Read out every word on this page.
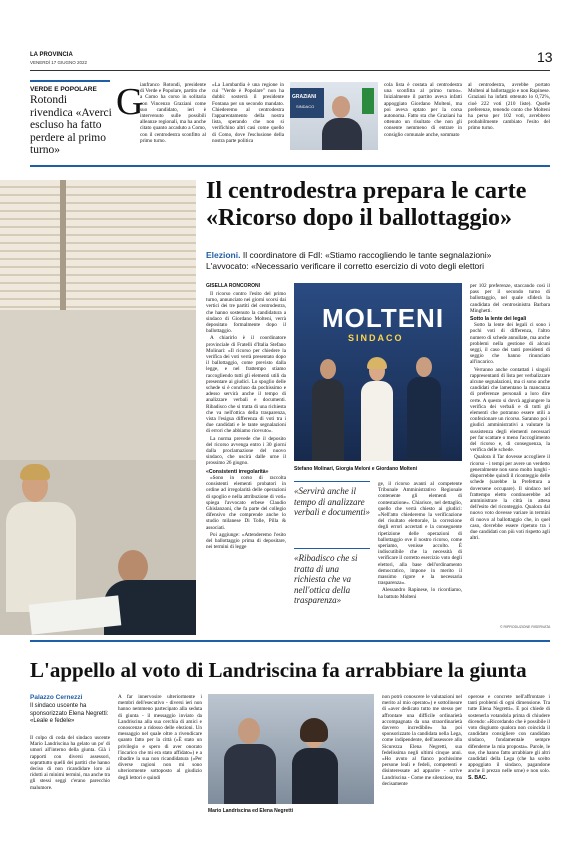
LA PROVINCIA
VENERDÌ 17 GIUGNO 2022	13
VERDE E POPOLARE
Rotondi rivendica «Averci escluso ha fatto perdere al primo turno»
G
ianfranco Rotondi, presidente di Verde e Popolare, partito che a Como ha corso in solitaria con Vincenzo Graziani come suo candidato, ieri è intervenuto sulle possibili alleanze regionali, ma ha anche citato quanto accaduto a Como, con il centrodestra sconfitto al primo turno.
«La Lombardia è una regione in cui "Verde è Popolare" non ha dubbi: sosterrà il presidente Fontana per un secondo mandato. Chiederemo al centrodestra l'apparentamento della nostra lista, sperando che non si verifichino altri casi come quello di Como, dove l'esclusione della nostra parte politica
GRAZIANI
SINDACO
cola lista è costata al centrodestra una sconfitta al primo turno». Inizialmente il partito aveva infatti appoggiato Giordano Molteni, ma poi aveva optato per la corsa autonoma. Fatto sta che Graziani ha ottenuto un risultato che non gli consente nemmeno di entrare in consiglio comunale anche, sommato
al centrodestra, avrebbe portato Molteni al ballottaggio e non Rapinese. Graziani ha infatti ottenuto lo 0,72%, cioè 222 voti (210 liste). Quelle preferenze, tenendo conto che Molteni ha perso per 102 voti, avrebbero probabilmente cambiato l'esito del primo turno.
Il centrodestra prepara le carte
«Ricorso dopo il ballottaggio»
Elezioni. Il coordinatore di FdI: «Stiamo raccogliendo le tante segnalazioni»
L'avvocato: «Necessario verificare il corretto esercizio di voto degli elettori
GISELLA RONCORONI

Il ricorso contro l'esito del primo turno, annunciato nei giorni scorsi dai vertici dei tre partiti del centrodestra, che hanno sostenuto la candidatura a sindaco di Giordano Molteni, verrà depositato formalmente dopo il ballottaggio.

A chiarirlo è il coordinatore provinciale di Fratelli d'Italia Stefano Molinari: «Il ricorso per chiedere la verifica dei voti verrà presentato dopo il ballottaggio, come previsto dalla legge, e nel frattempo stiamo raccogliendo tutti gli elementi utili da presentare ai giudici. Lo spoglio delle schede si è concluso da pochissimo e adesso servirà anche il tempo di analizzare verbali e documenti. Ribadisco che si tratta di una richiesta che va nell'ottica della trasparenza, vista l'esigua differenza di voti tra i due candidati e le tante segnalazioni di errori che abbiamo ricevuto».

La norma prevede che il deposito del ricorso avvenga entro i 30 giorni dalla proclamazione del nuovo sindaco, che uscirà dalle urne il prossimo 26 giugno.

«Consistenti irregolarità»

«Sono in corso di raccolta consistenti elementi probatori in ordine ad irregolarità delle operazioni di spoglio e nella attribuzione di voti» spiega l'avvocato erbese Claudio Ghislanzoni, che fa parte del collegio difensivo che comprende anche lo studio milanese Di Tolle, Pilla & associati.

Poi aggiunge: «Attenderemo l'esito del ballottaggio prima di depositare, nei termini di legge

MOLTENI
SINDACO
Stefano Molinari, Giorgia Meloni e Giordano Molteni
«Servirà anche il tempo di analizzare verbali e documenti»
«Ribadisco che si tratta di una richiesta che va nell'ottica della trasparenza»

ge, il ricorso avanti al competente Tribunale Amministrativo Regionale contenente gli elementi di contestazione». Chiarisce, nel dettaglio, quello che verrà chiesto ai giudici: «Nell'atto chiederemo la verificazione del risultato elettorale, la correzione degli errori accertati e la conseguente ripetizione delle operazioni di ballottaggio ove il nostro ricorso, come speriamo, venisse accolto. È indiscutibile che la necessità di verificare il corretto esercizio voto degli elettori, alla base dell'ordinamento democratico, impone in merito il massimo rigore e la necessaria trasparenza».

Alessandro Rapinese, lo ricordiamo, ha battuto Molteni

per 102 preferenze, staccando così il pass per il secondo turno di ballottaggio, nel quale sfiderà la candidata del centrosinistra Barbara Minghetti.

Sotto la lente dei legali

Sotto la lente dei legali ci sono i pochi voti di differenza, l'altro numero di schede annullate, ma anche problemi nella gestione di alcuni seggi, il caso dei tanti presidenti di seggio che hanno rinunciato all'incarico.

Verranno anche contattati i singoli rappresentanti di lista per verbalizzare alcune segnalazioni, ma ci sono anche candidati che lamentano la mancanza di preferenze personali a loro dire certe. A questo si dovrà aggiungere la verifica dei verbali e di tutti gli elementi che potranno essere utili a confezionare un ricorso. Saranno poi i giudici amministrativi a valutare la sussistenza degli elementi necessari per far scattare o meno l'accoglimento del ricorso e, di conseguenza, la verifica delle schede.

Qualora il Tar dovesse accogliere il ricorso - i tempi per avere un verdetto generalmente non sono molto lunghi - disporrebbe quindi il riconteggio delle schede (sarebbe la Prefettura a doversene occupare). Il sindaco nel frattempo eletto continuerebbe ad amministrare la città in attesa dell'esito del riconteggio. Qualora dal nuovo voto dovesse variare in termini di nuovo al ballottaggio che, in quel caso, dovrebbe essere ripetuto tra i due candidati con più voti rispetto agli altri.

© RIPRODUZIONE RISERVATA
L'appello al voto di Landriscina fa arrabbiare la giunta
Palazzo Cernezzi
Il sindaco uscente ha sponsorizzato Elena Negretti: «Leale e fedele»
Il colpo di coda del sindaco uscente Mario Landriscina ha gelato un po' di umori all'interno della giunta. Già i rapporti con diversi assessori, soprattutto quelli dei partiti che hanno deciso di non ricandidare loro ai ridotti ai minimi termini, ma anche tra gli stessi seggi c'erano parecchio malumore.
A far innervosire ulteriormente i membri dell'esecutivo - diversi ieri non hanno nemmeno partecipato alla seduta di giunta - il messaggio inviato da Landriscina alla sua cerchia di amici e conoscenze a ridosso delle elezioni. Un messaggio nel quale oltre a rivendicare quanto fatto per la città («È stato un privilegio e spero di aver onorato l'incarico che mi era stato affidato») e a ribadire la sua non ricandidatura («Per diverse ragioni non mi sono ulteriormente sottoposto al giudizio degli lettori e quindi
Mario Landriscina ed Elena Negretti
non potrò conoscere le valutazioni nel merito al mio operato») e sottolineare di «aver dedicato tutto me stesso per affrontare una difficile ordinarietà accompagnata da una straordinarietà davvero incredibile» ha poi sponsorizzato la candidata nella Lega, come indipendente, dell'assessore alla Sicurezza Elena Negretti, sua fedelissima negli ultimi cinque anni. «Ho avuto al fianco pochissime persone leali e fedeli, competenti e disinteressate ad apparire - scrive Landriscina - Come me silenziose, ma decisamente
operose e concrete nell'affrontare i tanti problemi di ogni dimensione. Tra tutte Elena Negretti». E poi chiede di sostenerla votandola prima di chiudere dicendo: «Ricordando che è possibile il voto disgiunto qualora non coincida il candidato consigliere con candidato sindaco, fondamentale sempre difenderne la mia proposta». Parole, le sue, che hanno fatto arrabbiare gli altri candidati della Lega (che ha scelto appoggiato il sindaco, pagandone anche il prezzo nelle urne) e non solo. S. BAC.
